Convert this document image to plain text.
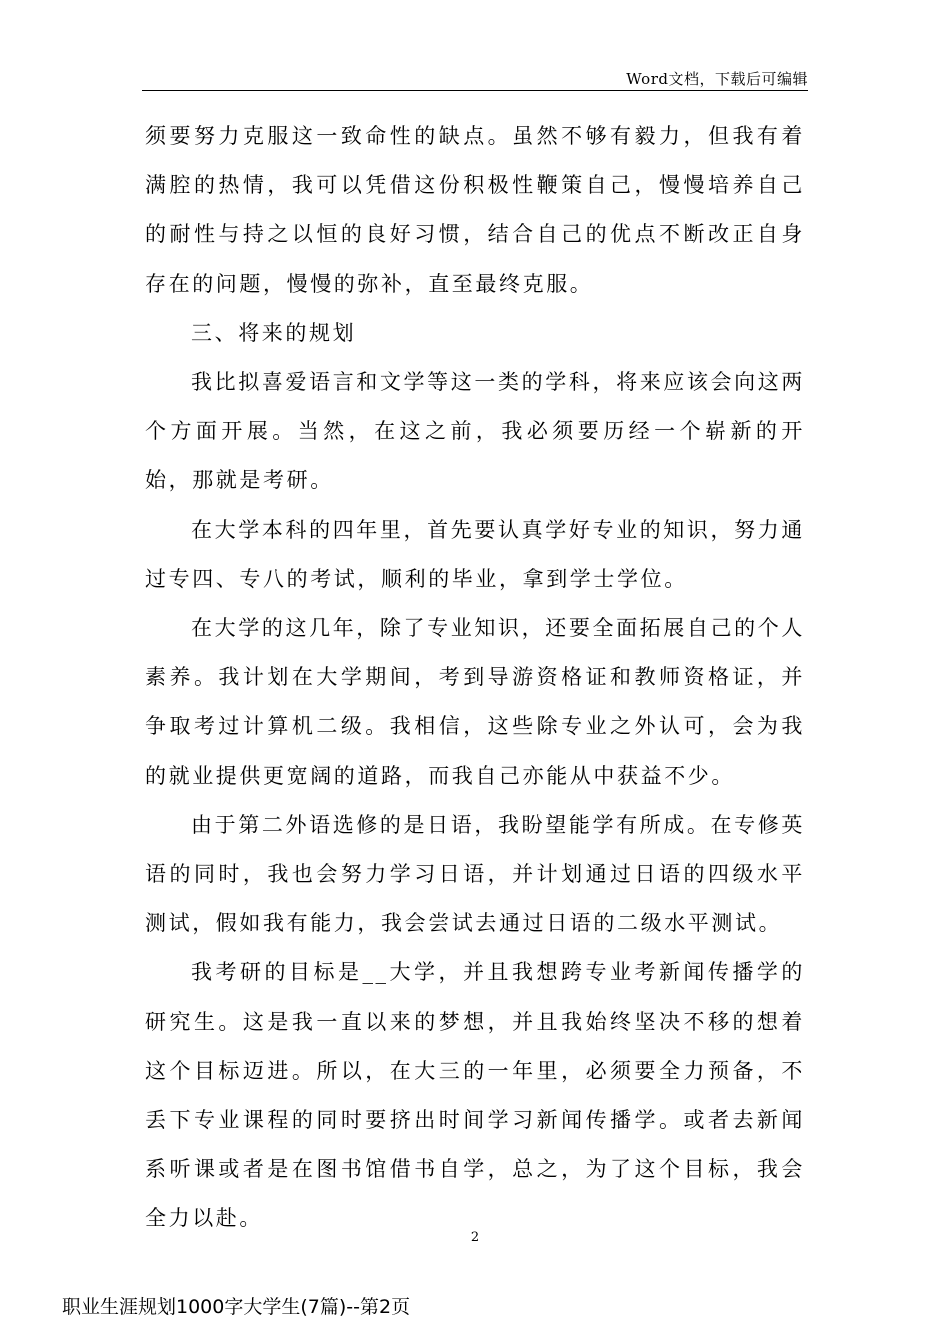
Word文档，下载后可编辑

须要努力克服这一致命性的缺点。虽然不够有毅力，但我有着满腔的热情，我可以凭借这份积极性鞭策自己，慢慢培养自己的耐性与持之以恒的良好习惯，结合自己的优点不断改正自身存在的问题，慢慢的弥补，直至最终克服。

三、将来的规划

我比拟喜爱语言和文学等这一类的学科，将来应该会向这两个方面开展。当然，在这之前，我必须要历经一个崭新的开始，那就是考研。

在大学本科的四年里，首先要认真学好专业的知识，努力通过专四、专八的考试，顺利的毕业，拿到学士学位。

在大学的这几年，除了专业知识，还要全面拓展自己的个人素养。我计划在大学期间，考到导游资格证和教师资格证，并争取考过计算机二级。我相信，这些除专业之外认可，会为我的就业提供更宽阔的道路，而我自己亦能从中获益不少。

由于第二外语选修的是日语，我盼望能学有所成。在专修英语的同时，我也会努力学习日语，并计划通过日语的四级水平测试，假如我有能力，我会尝试去通过日语的二级水平测试。

我考研的目标是__大学，并且我想跨专业考新闻传播学的研究生。这是我一直以来的梦想，并且我始终坚决不移的想着这个目标迈进。所以，在大三的一年里，必须要全力预备，不丢下专业课程的同时要挤出时间学习新闻传播学。或者去新闻系听课或者是在图书馆借书自学，总之，为了这个目标，我会全力以赴。

2
职业生涯规划1000字大学生(7篇)--第2页
